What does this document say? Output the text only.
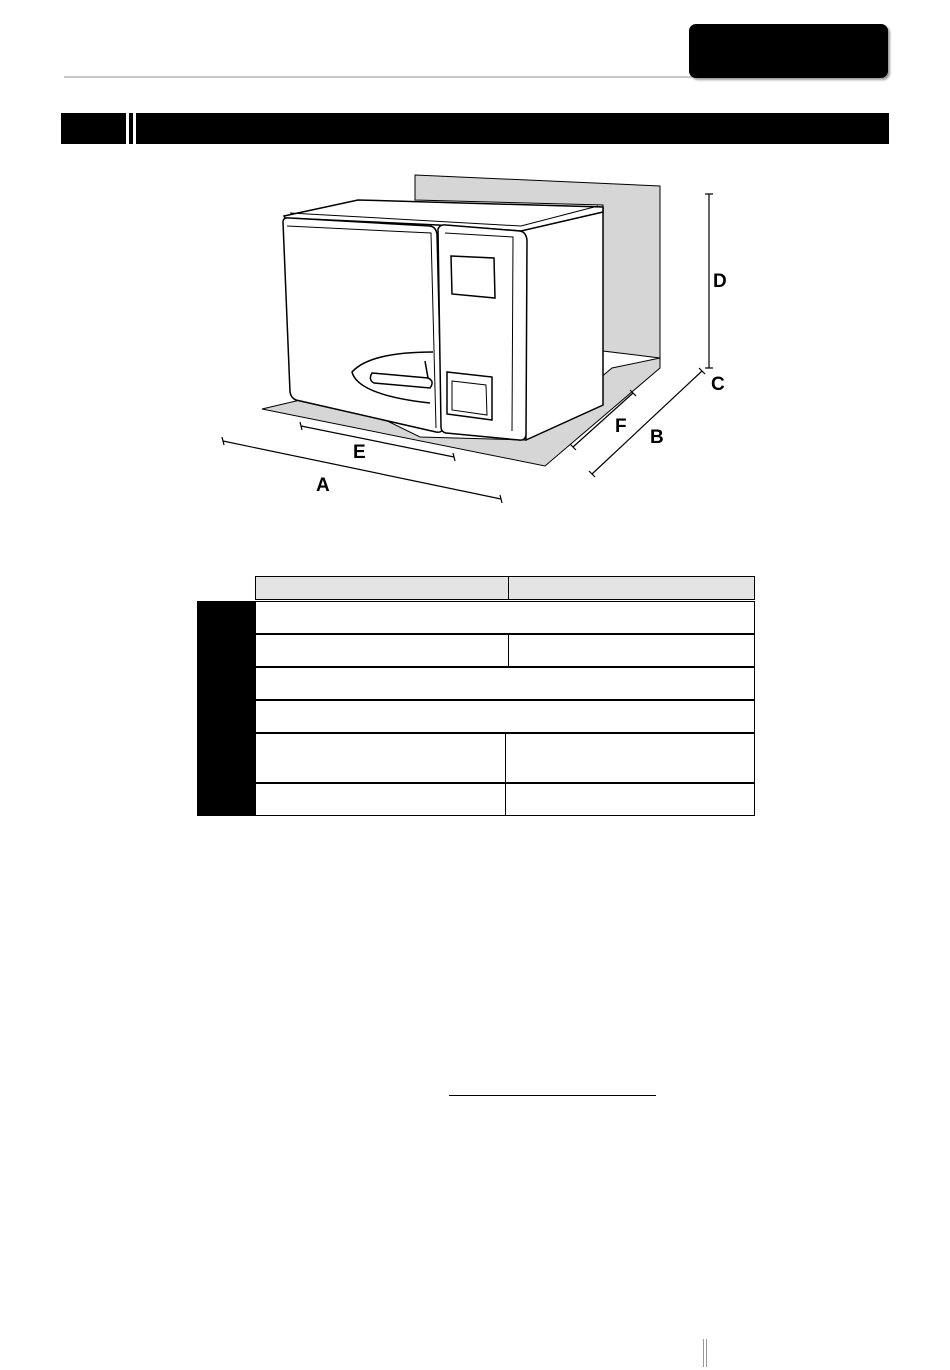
A
E
D
C
B
F
